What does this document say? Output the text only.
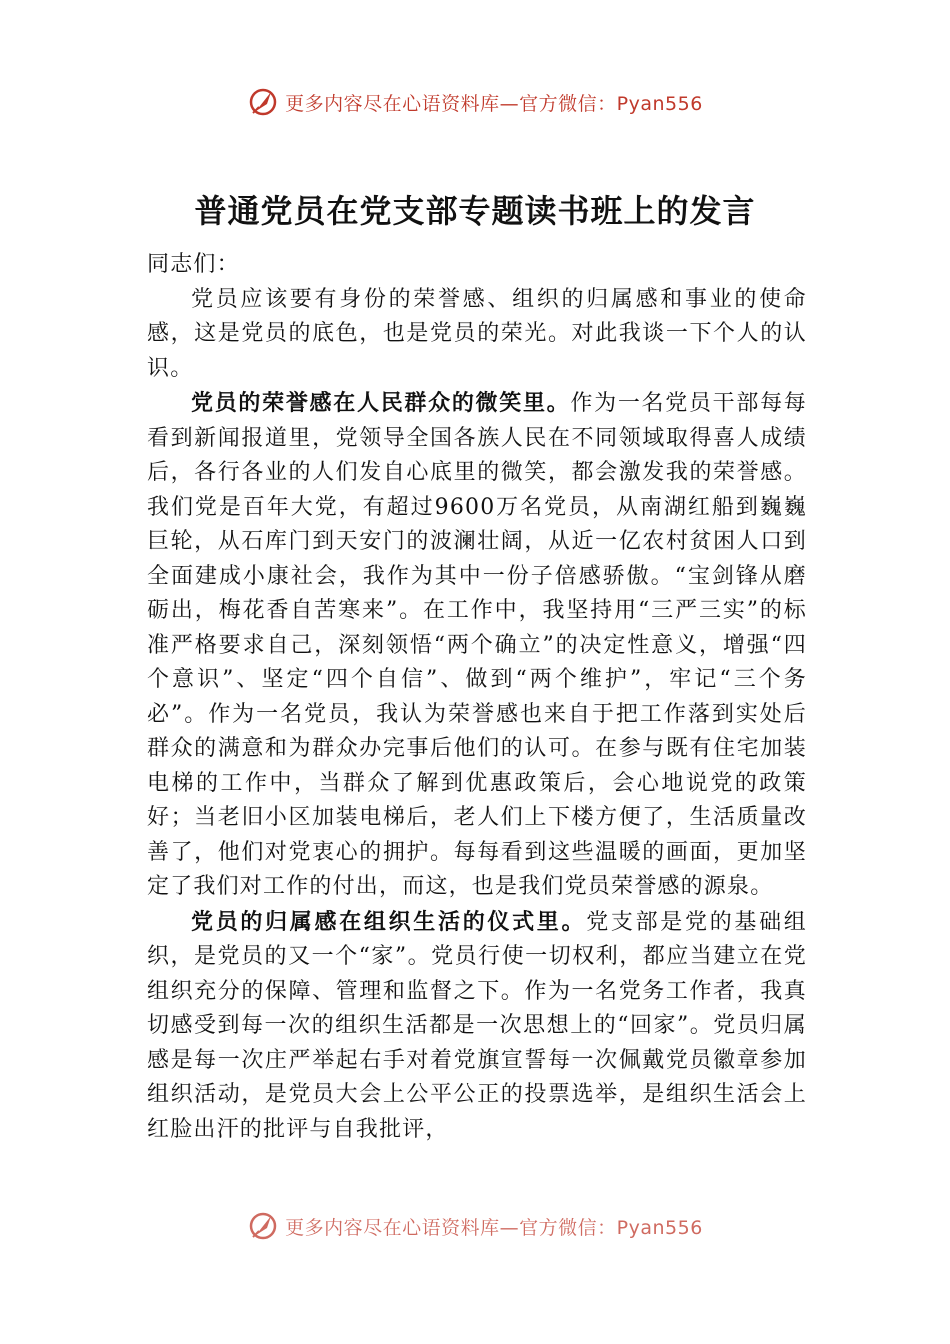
更多内容尽在心语资料库—官方微信：Pyan556
普通党员在党支部专题读书班上的发言

同志们：

党员应该要有身份的荣誉感、组织的归属感和事业的使命感，这是党员的底色，也是党员的荣光。对此我谈一下个人的认识。

党员的荣誉感在人民群众的微笑里。作为一名党员干部每每看到新闻报道里，党领导全国各族人民在不同领域取得喜人成绩后，各行各业的人们发自心底里的微笑，都会激发我的荣誉感。我们党是百年大党，有超过9600万名党员，从南湖红船到巍巍巨轮，从石库门到天安门的波澜壮阔，从近一亿农村贫困人口到全面建成小康社会，我作为其中一份子倍感骄傲。“宝剑锋从磨砺出，梅花香自苦寒来”。在工作中，我坚持用“三严三实”的标准严格要求自己，深刻领悟“两个确立”的决定性意义，增强“四个意识”、坚定“四个自信”、做到“两个维护”，牢记“三个务必”。作为一名党员，我认为荣誉感也来自于把工作落到实处后群众的满意和为群众办完事后他们的认可。在参与既有住宅加装电梯的工作中，当群众了解到优惠政策后，会心地说党的政策好；当老旧小区加装电梯后，老人们上下楼方便了，生活质量改善了，他们对党衷心的拥护。每每看到这些温暖的画面，更加坚定了我们对工作的付出，而这，也是我们党员荣誉感的源泉。

党员的归属感在组织生活的仪式里。党支部是党的基础组织，是党员的又一个“家”。党员行使一切权利，都应当建立在党组织充分的保障、管理和监督之下。作为一名党务工作者，我真切感受到每一次的组织生活都是一次思想上的“回家”。党员归属感是每一次庄严举起右手对着党旗宣誓每一次佩戴党员徽章参加组织活动，是党员大会上公平公正的投票选举，是组织生活会上红脸出汗的批评与自我批评，

更多内容尽在心语资料库—官方微信：Pyan556
